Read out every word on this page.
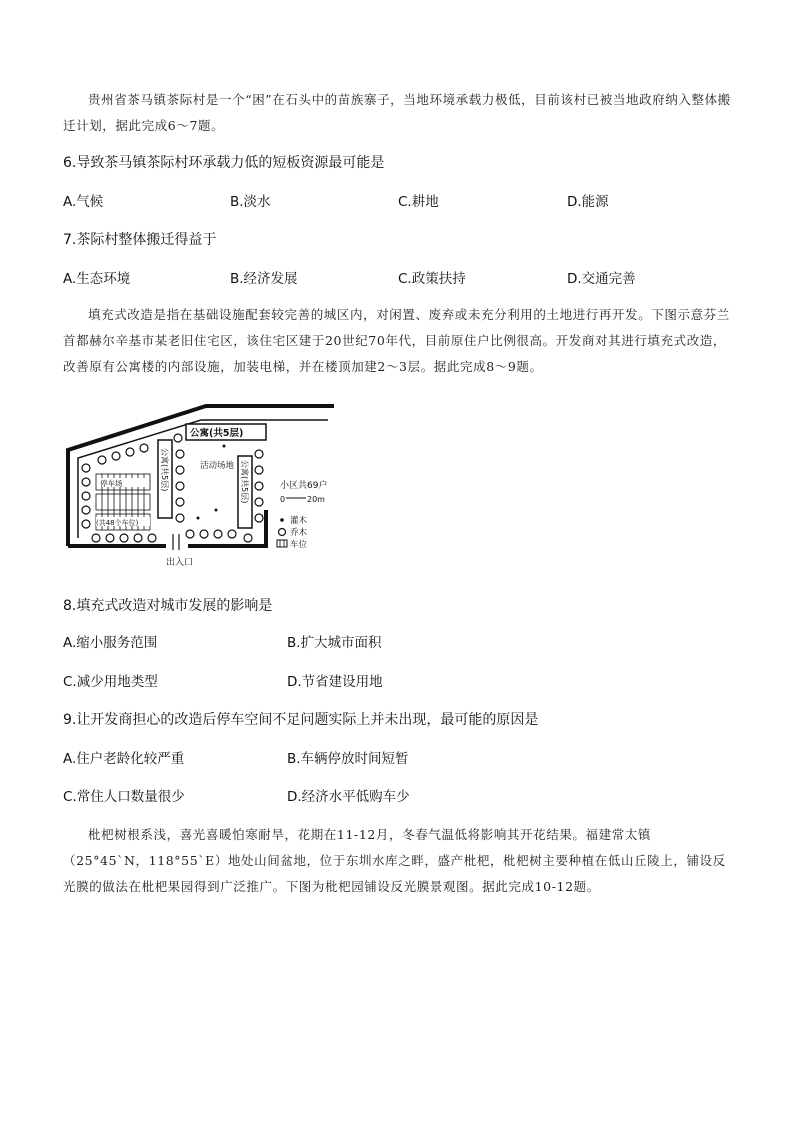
贵州省茶马镇茶际村是一个“困”在石头中的苗族寨子，当地环境承载力极低，目前该村已被当地政府纳入整体搬迁计划，据此完成6～7题。
6.导致茶马镇茶际村环承载力低的短板资源最可能是
A.气候	B.淡水	C.耕地	D.能源
7.茶际村整体搬迁得益于
A.生态环境	B.经济发展	C.政策扶持	D.交通完善
填充式改造是指在基础设施配套较完善的城区内，对闲置、废弃或未充分利用的土地进行再开发。下图示意芬兰首都赫尔辛基市某老旧住宅区，该住宅区建于20世纪70年代，目前原住户比例很高。开发商对其进行填充式改造，改善原有公寓楼的内部设施，加装电梯，并在楼顶加建2～3层。据此完成8～9题。
公寓(共5层)
公寓(共5层)	公寓(共5层)
活动场地
停车场
(共48个车位)
小区共69户
0	20m
灌木
乔木
车位
出入口
8.填充式改造对城市发展的影响是
A.缩小服务范围	B.扩大城市面积
C.减少用地类型	D.节省建设用地
9.让开发商担心的改造后停车空间不足问题实际上并未出现，最可能的原因是
A.住户老龄化较严重	B.车辆停放时间短暂
C.常住人口数量很少	D.经济水平低购车少
枇杷树根系浅，喜光喜暖怕寒耐旱，花期在11-12月，冬春气温低将影响其开花结果。福建常太镇（25°45`N，118°55`E）地处山间盆地，位于东圳水库之畔，盛产枇杷，枇杷树主要种植在低山丘陵上，铺设反光膜的做法在枇杷果园得到广泛推广。下图为枇杷园铺设反光膜景观图。据此完成10-12题。
